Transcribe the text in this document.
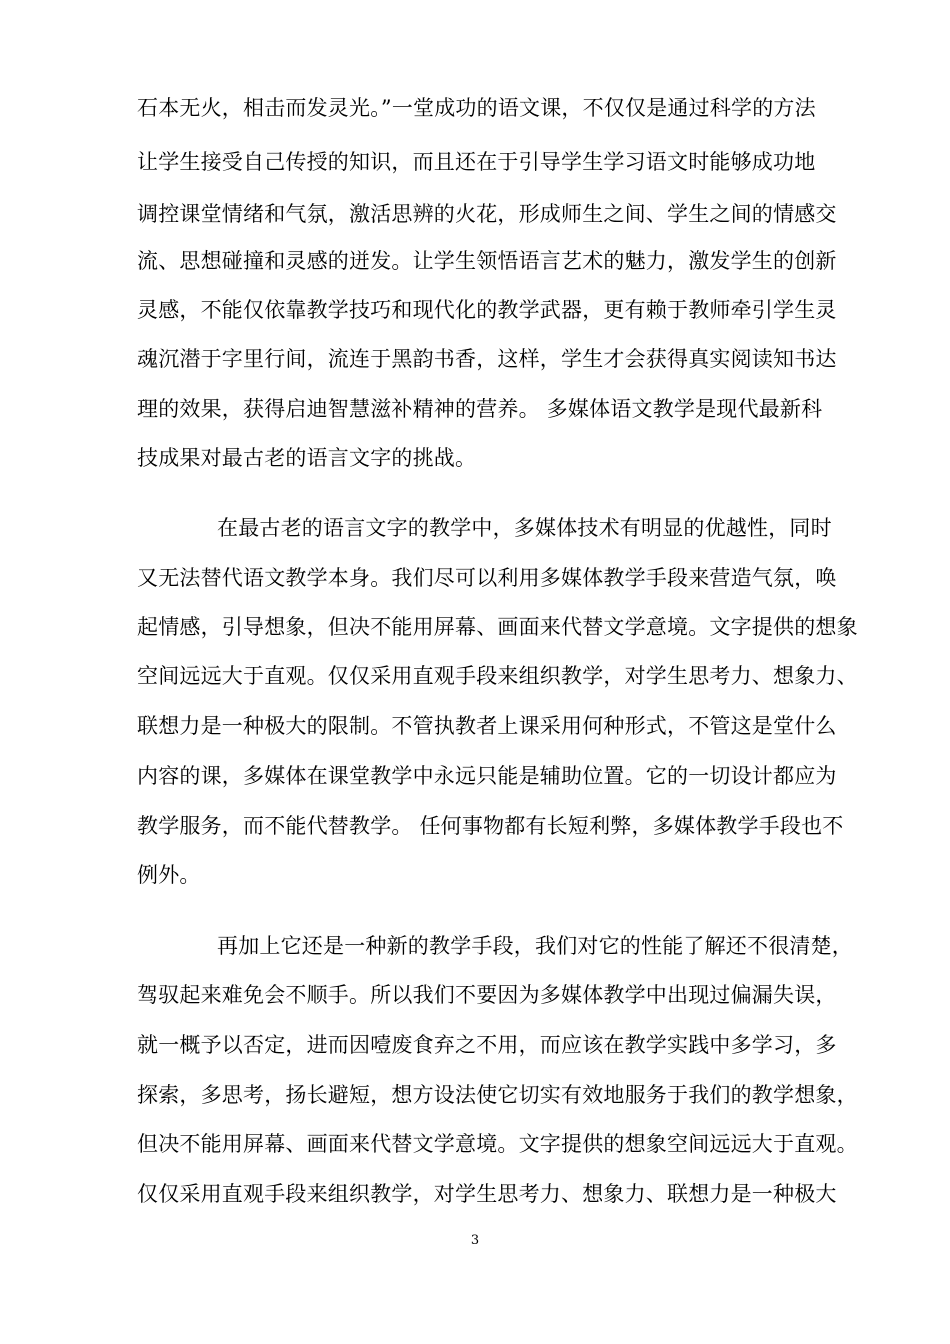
石本无火，相击而发灵光。”一堂成功的语文课，不仅仅是通过科学的方法
让学生接受自己传授的知识，而且还在于引导学生学习语文时能够成功地
调控课堂情绪和气氛，激活思辨的火花，形成师生之间、学生之间的情感交
流、思想碰撞和灵感的迸发。让学生领悟语言艺术的魅力，激发学生的创新
灵感，不能仅依靠教学技巧和现代化的教学武器，更有赖于教师牵引学生灵
魂沉潜于字里行间，流连于黑韵书香，这样，学生才会获得真实阅读知书达
理的效果，获得启迪智慧滋补精神的营养。 多媒体语文教学是现代最新科
技成果对最古老的语言文字的挑战。
在最古老的语言文字的教学中，多媒体技术有明显的优越性，同时
又无法替代语文教学本身。我们尽可以利用多媒体教学手段来营造气氛，唤
起情感，引导想象，但决不能用屏幕、画面来代替文学意境。文字提供的想象
空间远远大于直观。仅仅采用直观手段来组织教学，对学生思考力、想象力、
联想力是一种极大的限制。不管执教者上课采用何种形式，不管这是堂什么
内容的课，多媒体在课堂教学中永远只能是辅助位置。它的一切设计都应为
教学服务，而不能代替教学。 任何事物都有长短利弊，多媒体教学手段也不
例外。
再加上它还是一种新的教学手段，我们对它的性能了解还不很清楚，
驾驭起来难免会不顺手。所以我们不要因为多媒体教学中出现过偏漏失误，
就一概予以否定，进而因噎废食弃之不用，而应该在教学实践中多学习，多
探索，多思考，扬长避短，想方设法使它切实有效地服务于我们的教学想象，
但决不能用屏幕、画面来代替文学意境。文字提供的想象空间远远大于直观。
仅仅采用直观手段来组织教学，对学生思考力、想象力、联想力是一种极大
3
